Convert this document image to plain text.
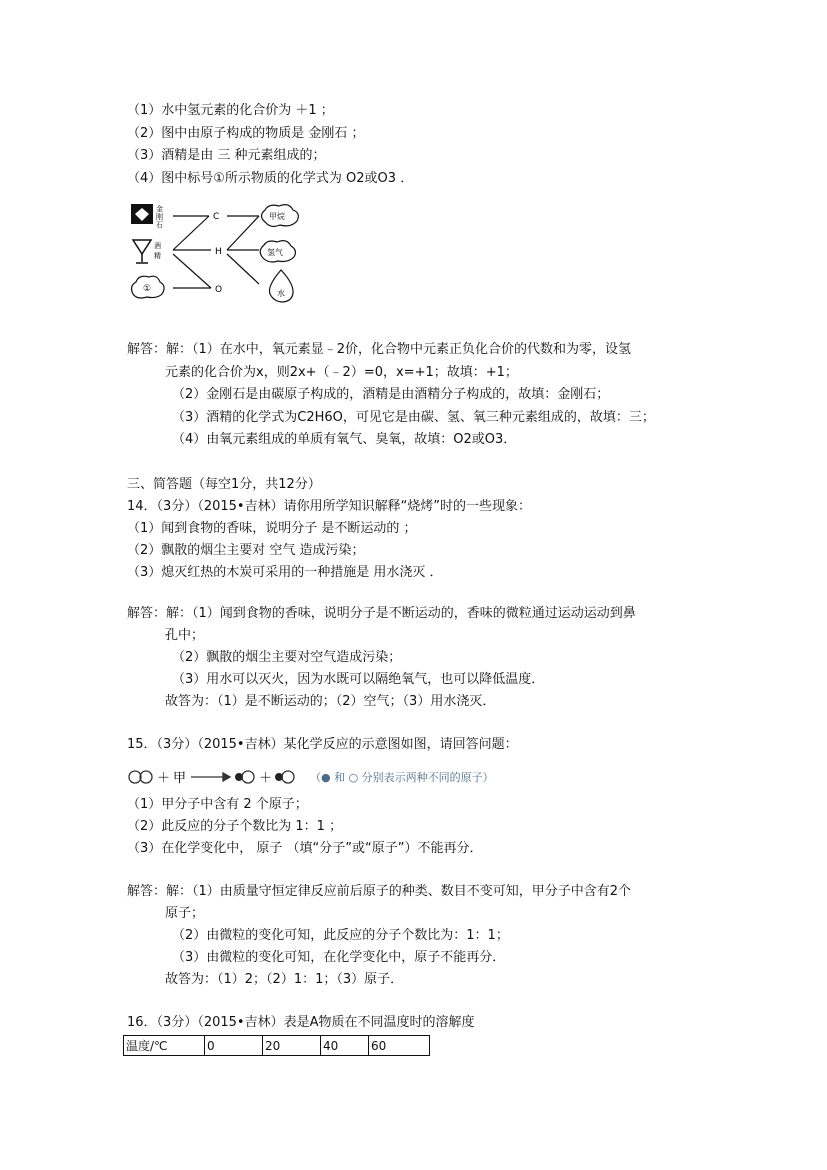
（1）水中氢元素的化合价为 ＋1 ；
（2）图中由原子构成的物质是 金刚石 ；
（3）酒精是由 三 种元素组成的；
（4）图中标号①所示物质的化学式为 O2或O3 ．
金
刚
石
酒
精
①
C
H
O
甲烷
氢气
水
解答：解：（1）在水中，氧元素显﹣2价，化合物中元素正负化合价的代数和为零，设氢
元素的化合价为x，则2x+（﹣2）=0，x=+1；故填：+1；
（2）金刚石是由碳原子构成的，酒精是由酒精分子构成的，故填：金刚石；
（3）酒精的化学式为C2H6O，可见它是由碳、氢、氧三种元素组成的，故填：三；
（4）由氧元素组成的单质有氧气、臭氧，故填：O2或O3．
三、简答题（每空1分，共12分）
14．（3分）（2015•吉林）请你用所学知识解释“烧烤”时的一些现象：
（1）闻到食物的香味，说明分子 是不断运动的 ；
（2）飘散的烟尘主要对 空气 造成污染；
（3）熄灭红热的木炭可采用的一种措施是 用水浇灭 ．
解答：解：（1）闻到食物的香味，说明分子是不断运动的，香味的微粒通过运动运动到鼻
孔中；
（2）飘散的烟尘主要对空气造成污染；
（3）用水可以灭火，因为水既可以隔绝氧气，也可以降低温度．
故答为：（1）是不断运动的；（2）空气；（3）用水浇灭．
15．（3分）（2015•吉林）某化学反应的示意图如图，请回答问题：
＋ 甲	＋	（● 和 ○ 分别表示两种不同的原子）
（1）甲分子中含有 2 个原子；
（2）此反应的分子个数比为 1：1 ；
（3）在化学变化中， 原子 （填“分子”或“原子”）不能再分．
解答：解：（1）由质量守恒定律反应前后原子的种类、数目不变可知，甲分子中含有2个
原子；
（2）由微粒的变化可知，此反应的分子个数比为：1：1；
（3）由微粒的变化可知，在化学变化中，原子不能再分．
故答为：（1）2；（2）1：1；（3）原子．
16．（3分）（2015•吉林）表是A物质在不同温度时的溶解度
温度/℃	0	20	40	60
